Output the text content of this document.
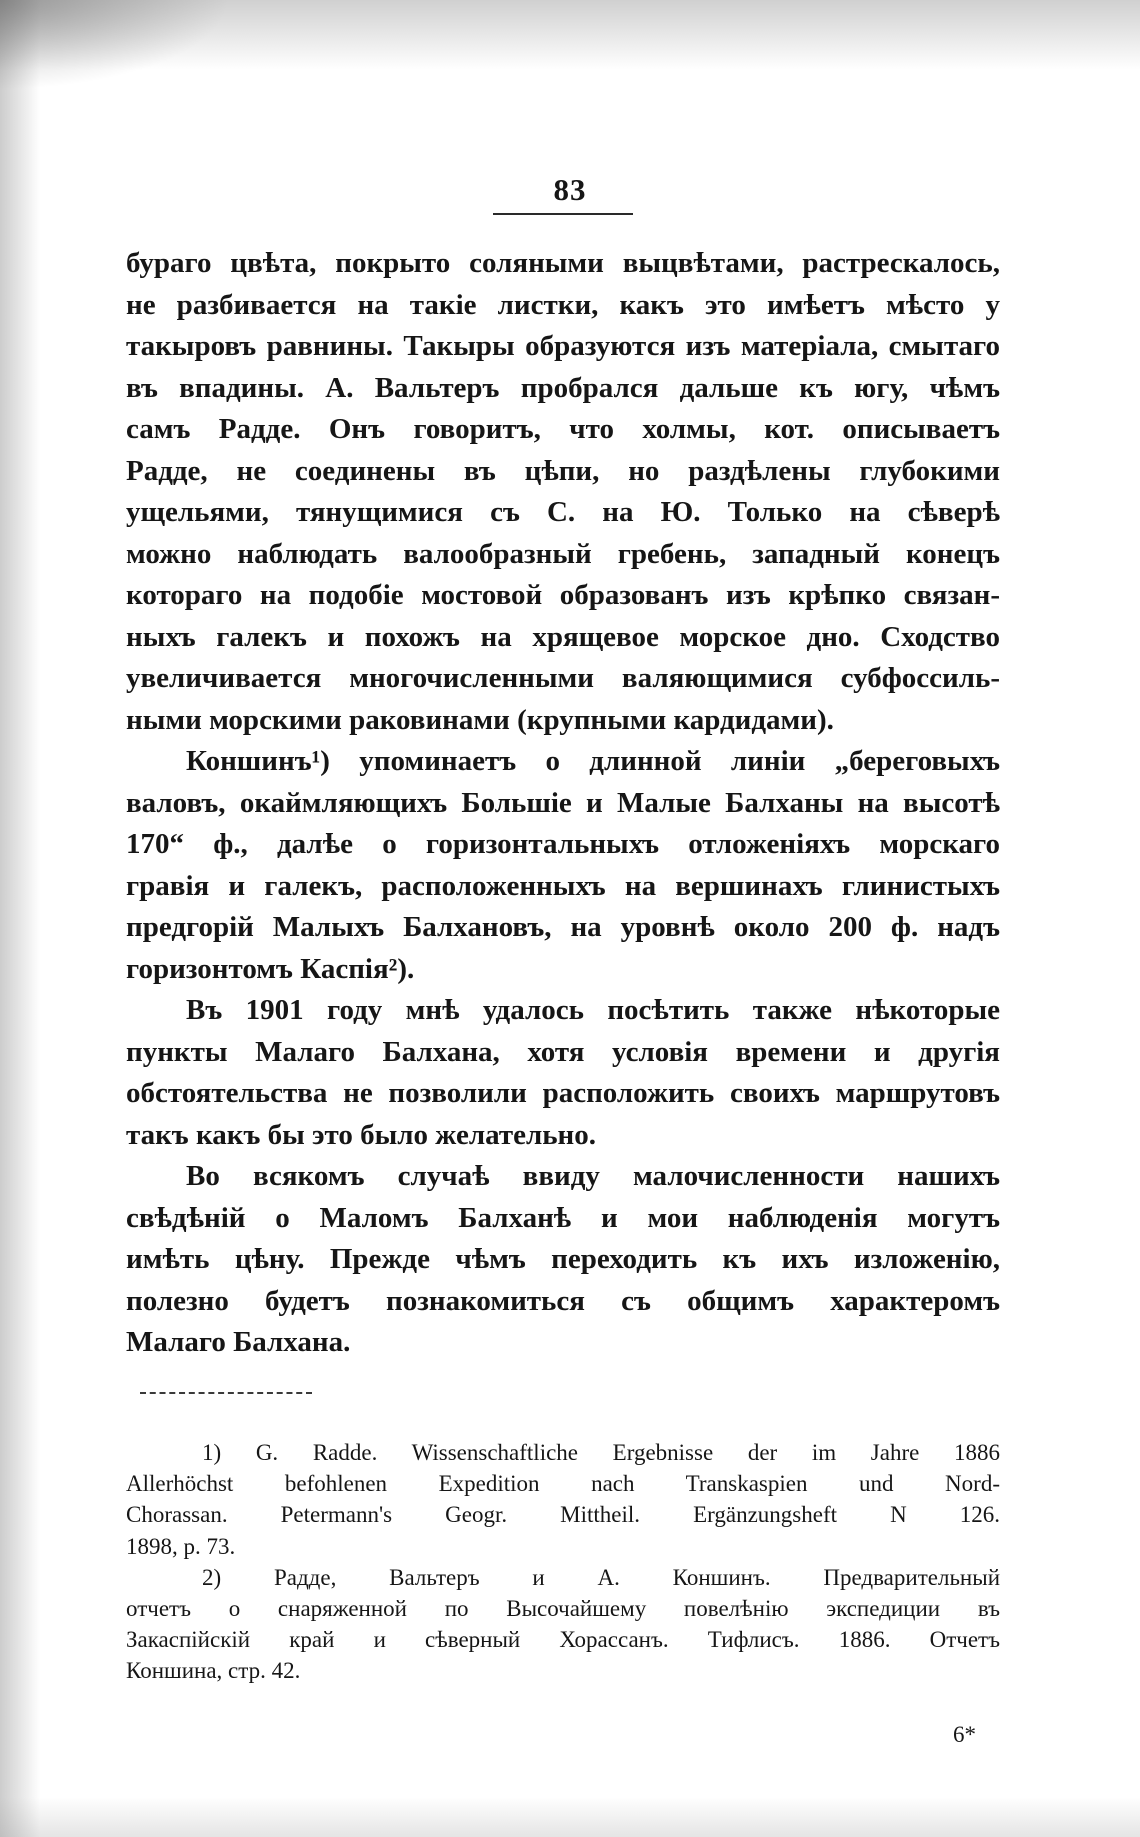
83
бураго цвѣта, покрыто соляными выцвѣтами, растрескалось,
не разбивается на такіе листки, какъ это имѣетъ мѣсто у
такыровъ равнины. Такыры образуются изъ матеріала, смытаго
въ впадины. А. Вальтеръ пробрался дальше къ югу, чѣмъ
самъ Радде. Онъ говоритъ, что холмы, кот. описываетъ
Радде, не соединены въ цѣпи, но раздѣлены глубокими
ущельями, тянущимися съ С. на Ю. Только на сѣверѣ
можно наблюдать валообразный гребень, западный конецъ
котораго на подобіе мостовой образованъ изъ крѣпко связан-
ныхъ галекъ и похожъ на хрящевое морское дно. Сходство
увеличивается многочисленными валяющимися субфоссиль-
ными морскими раковинами (крупными кардидами).
Коншинъ¹) упоминаетъ о длинной линіи „береговыхъ
валовъ, окаймляющихъ Большіе и Малые Балханы на высотѣ
170“ ф., далѣе о горизонтальныхъ отложеніяхъ морскаго
гравія и галекъ, расположенныхъ на вершинахъ глинистыхъ
предгорій Малыхъ Балхановъ, на уровнѣ около 200 ф. надъ
горизонтомъ Каспія²).
Въ 1901 году мнѣ удалось посѣтить также нѣкоторые
пункты Малаго Балхана, хотя условія времени и другія
обстоятельства не позволили расположить своихъ маршрутовъ
такъ какъ бы это было желательно.
Во всякомъ случаѣ ввиду малочисленности нашихъ
свѣдѣній о Маломъ Балханѣ и мои наблюденія могутъ
имѣть цѣну. Прежде чѣмъ переходить къ ихъ изложенію,
полезно будетъ познакомиться съ общимъ характеромъ
Малаго Балхана.
1) G. Radde. Wissenschaftliche Ergebnisse der im Jahre 1886
Allerhöchst befohlenen Expedition nach Transkaspien und Nord-
Chorassan. Petermann's Geogr. Mittheil. Ergänzungsheft N 126.
1898, p. 73.
2) Радде, Вальтеръ и А. Коншинъ. Предварительный
отчетъ о снаряженной по Высочайшему повелѣнію экспедиции въ
Закаспійскій край и сѣверный Хорассанъ. Тифлисъ. 1886. Отчетъ
Коншина, стр. 42.
6*
